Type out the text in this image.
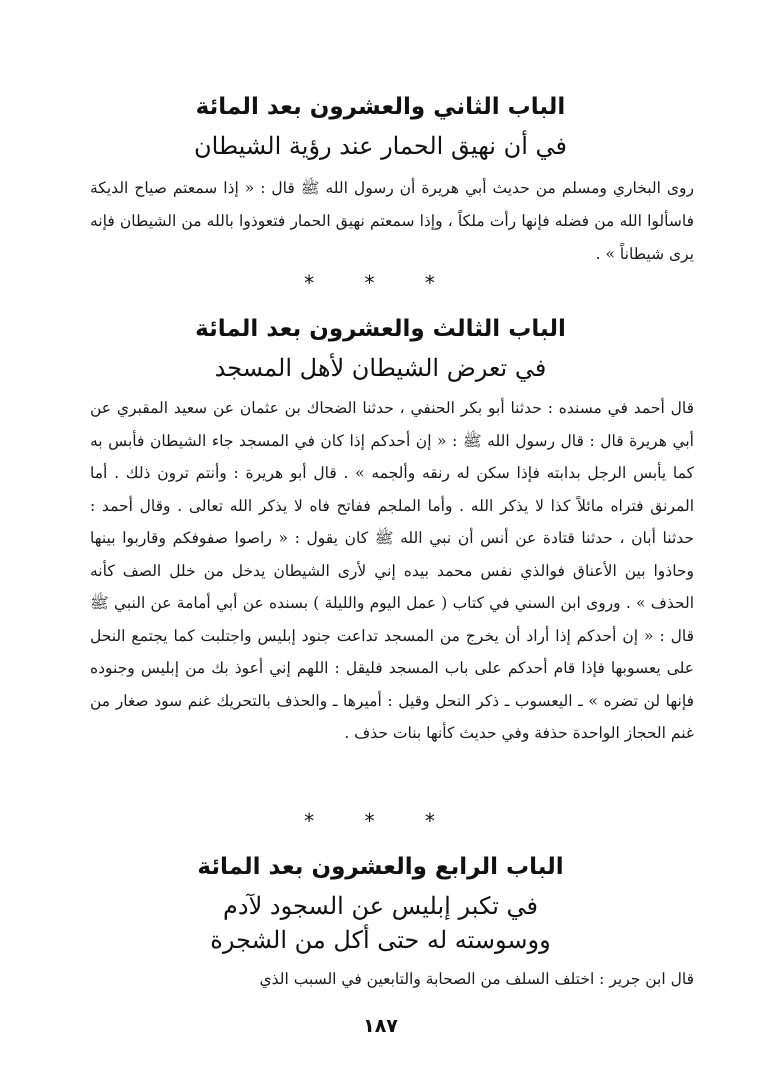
الباب الثاني والعشرون بعد المائة
في أن نهيق الحمار عند رؤية الشيطان

روى البخاري ومسلم من حديث أبي هريرة أن رسول الله ﷺ قال : « إذا سمعتم صياح الديكة فاسألوا الله من فضله فإنها رأت ملكاً ، وإذا سمعتم نهيق الحمار فتعوذوا بالله من الشيطان فإنه يرى شيطاناً » .

* * *
الباب الثالث والعشرون بعد المائة
في تعرض الشيطان لأهل المسجد

قال أحمد في مسنده : حدثنا أبو بكر الحنفي ، حدثنا الضحاك بن عثمان عن سعيد المقبري عن أبي هريرة قال : قال رسول الله ﷺ : « إن أحدكم إذا كان في المسجد جاء الشيطان فأبس به كما يأبس الرجل بدابته فإذا سكن له رنقه وألجمه » . قال أبو هريرة : وأنتم ترون ذلك . أما المرنق فتراه مائلاً كذا لا يذكر الله . وأما الملجم ففاتح فاه لا يذكر الله تعالى . وقال أحمد : حدثنا أبان ، حدثنا قتادة عن أنس أن نبي الله ﷺ كان يقول : « راصوا صفوفكم وقاربوا بينها وحاذوا بين الأعناق فوالذي نفس محمد بيده إني لأرى الشيطان يدخل من خلل الصف كأنه الحذف » . وروى ابن السني في كتاب ( عمل اليوم والليلة ) بسنده عن أبي أمامة عن النبي ﷺ قال : « إن أحدكم إذا أراد أن يخرج من المسجد تداعت جنود إبليس واجتلبت كما يجتمع النحل على يعسوبها فإذا قام أحدكم على باب المسجد فليقل : اللهم إني أعوذ بك من إبليس وجنوده فإنها لن تضره » ـ اليعسوب ـ ذكر النحل وقيل : أميرها ـ والحذف بالتحريك غنم سود صغار من غنم الحجاز الواحدة حذفة وفي حديث كأنها بنات حذف .

* * *
الباب الرابع والعشرون بعد المائة
في تكبر إبليس عن السجود لآدم
ووسوسته له حتى أكل من الشجرة

قال ابن جرير : اختلف السلف من الصحابة والتابعين في السبب الذي

١٨٧
